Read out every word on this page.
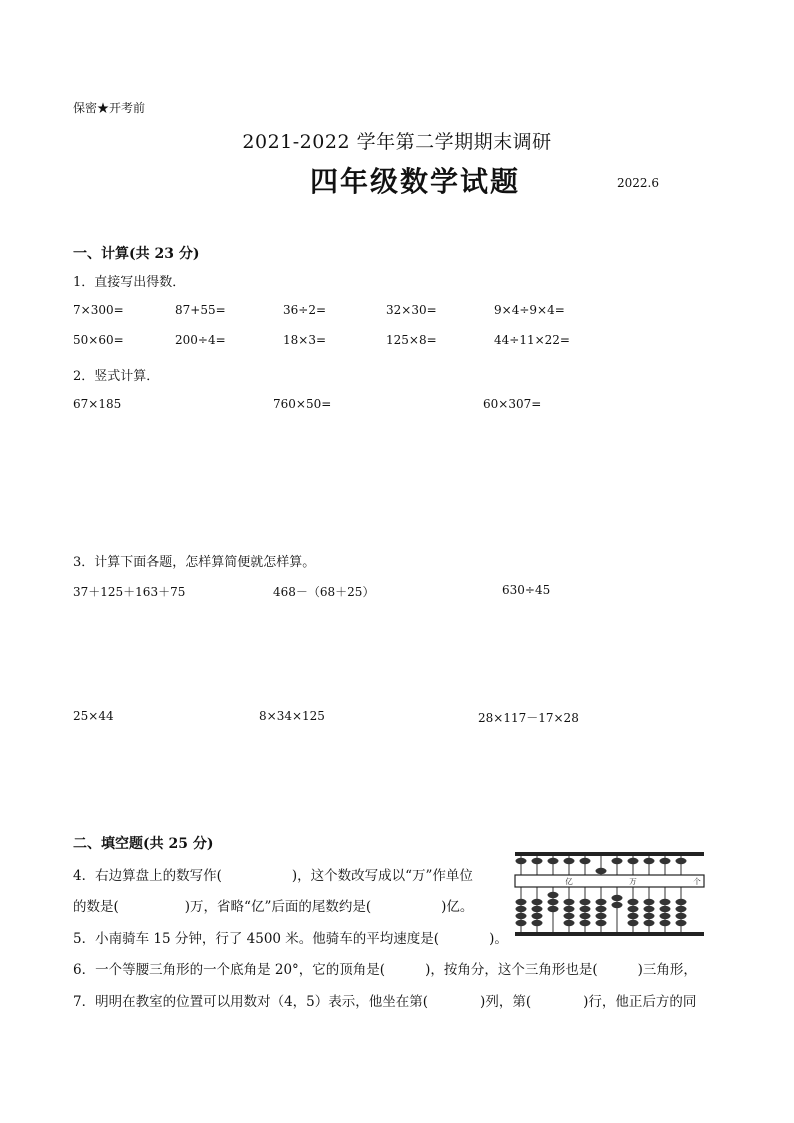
保密★开考前
2021-2022 学年第二学期期末调研
四年级数学试题	2022.6
一、计算(共 23 分)
1．直接写出得数．
7×300=	87+55=	36÷2=	32×30=	9×4÷9×4=
50×60=	200÷4=	18×3=	125×8=	44÷11×22=
2．竖式计算．
67×185	760×50=	60×307=
3．计算下面各题，怎样算简便就怎样算。
37＋125＋163＋75	468－（68＋25）	630÷45
25×44	8×34×125	28×117－17×28
二、填空题(共 25 分)
4．右边算盘上的数写作(	)，这个数改写成以“万”作单位
的数是(	)万，省略“亿”后面的尾数约是(	)亿。
5．小南骑车 15 分钟，行了 4500 米。他骑车的平均速度是(	)。
6．一个等腰三角形的一个底角是 20°，它的顶角是(	)，按角分，这个三角形也是(	)三角形，
7．明明在教室的位置可以用数对（4，5）表示，他坐在第(	)列，第(	)行，他正后方的同
亿	万	个
